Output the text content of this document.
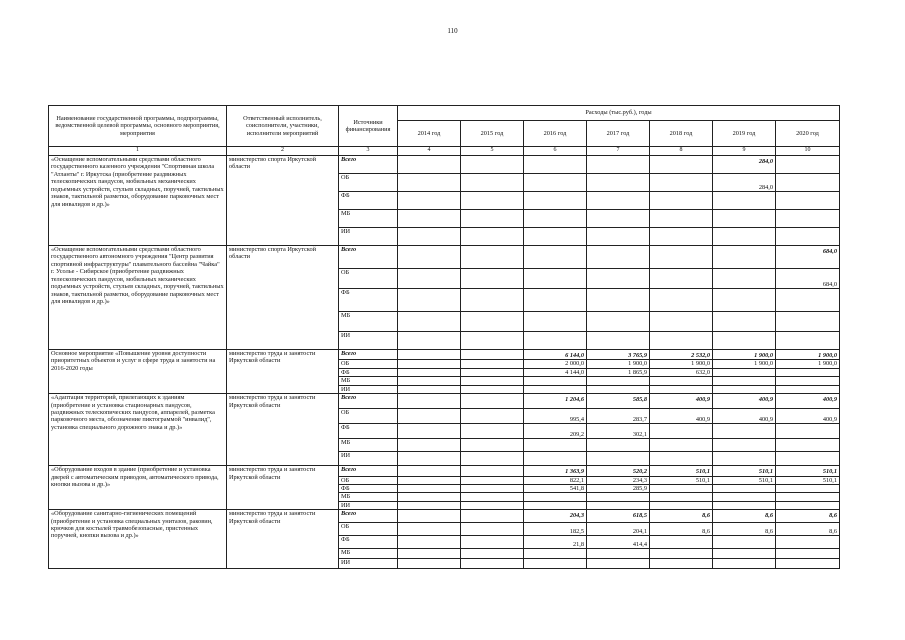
110
Наименование государственной программы, подпрограммы, ведомственной целевой программы, основного мероприятия, мероприятия	Ответственный исполнитель, соисполнители, участники, исполнители мероприятий	Источники финансирования	Расходы (тыс.руб.), годы						
			2014 год	2015 год	2016 год	2017 год	2018 год	2019 год	2020 год
1	2	3	4	5	6	7	8	9	10
«Оснащение вспомогательными средствами областного государственного казенного учреждения "Спортивная школа "Атланты" г. Иркутска (приобретение раздвижных телескопических пандусов, мобильных механических подъемных устройств, стульев складных, поручней, тактильных знаков, тактильной разметки, оборудование парковочных мест для инвалидов и др.)»	министерство спорта Иркутской области	Всего						284,0	
		ОБ						284,0	
		ФБ							
		МБ							
		ИИ							
«Оснащение вспомогательными средствами областного государственного автономного учреждения "Центр развития спортивной инфраструктуры" плавательного бассейна "Чайка" г. Усолье - Сибирское (приобретение раздвижных телескопических пандусов, мобильных механических подъемных устройств, стульев складных, поручней, тактильных знаков, тактильной разметки, оборудование парковочных мест для инвалидов и др.)»	министерство спорта Иркутской области	Всего							684,0
		ОБ							684,0
		ФБ							
		МБ							
		ИИ							
Основное мероприятие «Повышение уровня доступности приоритетных объектов и услуг в сфере труда и занятости на 2016-2020 годы	министерство труда и занятости Иркутской области	Всего			6 144,0	3 765,9	2 532,0	1 900,0	1 900,0
		ОБ			2 000,0	1 900,0	1 900,0	1 900,0	1 900,0
		ФБ			4 144,0	1 865,9	632,0		
		МБ							
		ИИ							
«Адаптация территорий, прилегающих к зданиям (приобретение и установка стационарных пандусов, раздвижных телескопических пандусов, аппарелей, разметка парковочного места, обозначение пиктограммой "инвалид", установка специального дорожного знака и др.)»	министерство труда и занятости Иркутской области	Всего			1 204,6	585,8	400,9	400,9	400,9
		ОБ			995,4	283,7	400,9	400,9	400,9
		ФБ			209,2	302,1			
		МБ							
		ИИ							
«Оборудование входов в здание (приобретение и установка дверей с автоматическим приводом, автоматического привода, кнопки вызова и др.)»	министерство труда и занятости Иркутской области	Всего			1 363,9	520,2	510,1	510,1	510,1
		ОБ			822,1	234,3	510,1	510,1	510,1
		ФБ			541,8	285,9			
		МБ							
		ИИ							
«Оборудование санитарно-гигиенических помещений (приобретение и установка специальных унитазов, раковин, крючков для костылей травмобезопасные, пристенных поручней, кнопки вызова и др.)»	министерство труда и занятости Иркутской области	Всего			204,3	618,5	8,6	8,6	8,6
		ОБ			182,5	204,1	8,6	8,6	8,6
		ФБ			21,8	414,4			
		МБ							
		ИИ							
